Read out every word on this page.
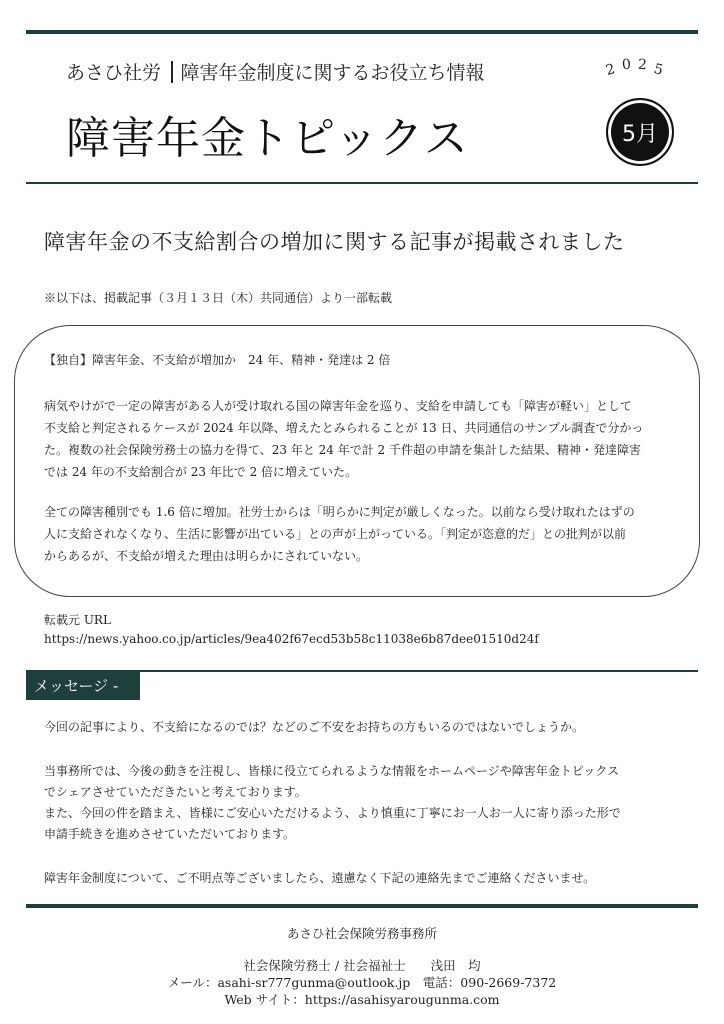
あさひ社労 障害年金制度に関するお役立ち情報
障害年金トピックス
2 0 2 5
5月
障害年金の不支給割合の増加に関する記事が掲載されました
※以下は、掲載記事（３月１３日（木）共同通信）より一部転載
【独自】障害年金、不支給が増加か　24 年、精神・発達は 2 倍
病気やけがで一定の障害がある人が受け取れる国の障害年金を巡り、支給を申請しても「障害が軽い」として
不支給と判定されるケースが 2024 年以降、増えたとみられることが 13 日、共同通信のサンプル調査で分かっ
た。複数の社会保険労務士の協力を得て、23 年と 24 年で計 2 千件超の申請を集計した結果、精神・発達障害
では 24 年の不支給割合が 23 年比で 2 倍に増えていた。
全ての障害種別でも 1.6 倍に増加。社労士からは「明らかに判定が厳しくなった。以前なら受け取れたはずの
人に支給されなくなり、生活に影響が出ている」との声が上がっている。「判定が恣意的だ」との批判が以前
からあるが、不支給が増えた理由は明らかにされていない。
転載元 URL
https://news.yahoo.co.jp/articles/9ea402f67ecd53b58c11038e6b87dee01510d24f
メッセージ -
今回の記事により、不支給になるのでは？などのご不安をお持ちの方もいるのではないでしょうか。
当事務所では、今後の動きを注視し、皆様に役立てられるような情報をホームページや障害年金トピックス
でシェアさせていただきたいと考えております。
また、今回の件を踏まえ、皆様にご安心いただけるよう、より慎重に丁寧にお一人お一人に寄り添った形で
申請手続きを進めさせていただいております。
障害年金制度について、ご不明点等ございましたら、遠慮なく下記の連絡先までご連絡くださいませ。
あさひ社会保険労務事務所
社会保険労務士 / 社会福祉士　　浅田　均
メール：asahi-sr777gunma@outlook.jp　電話：090-2669-7372
Web サイト：https://asahisyarougunma.com
